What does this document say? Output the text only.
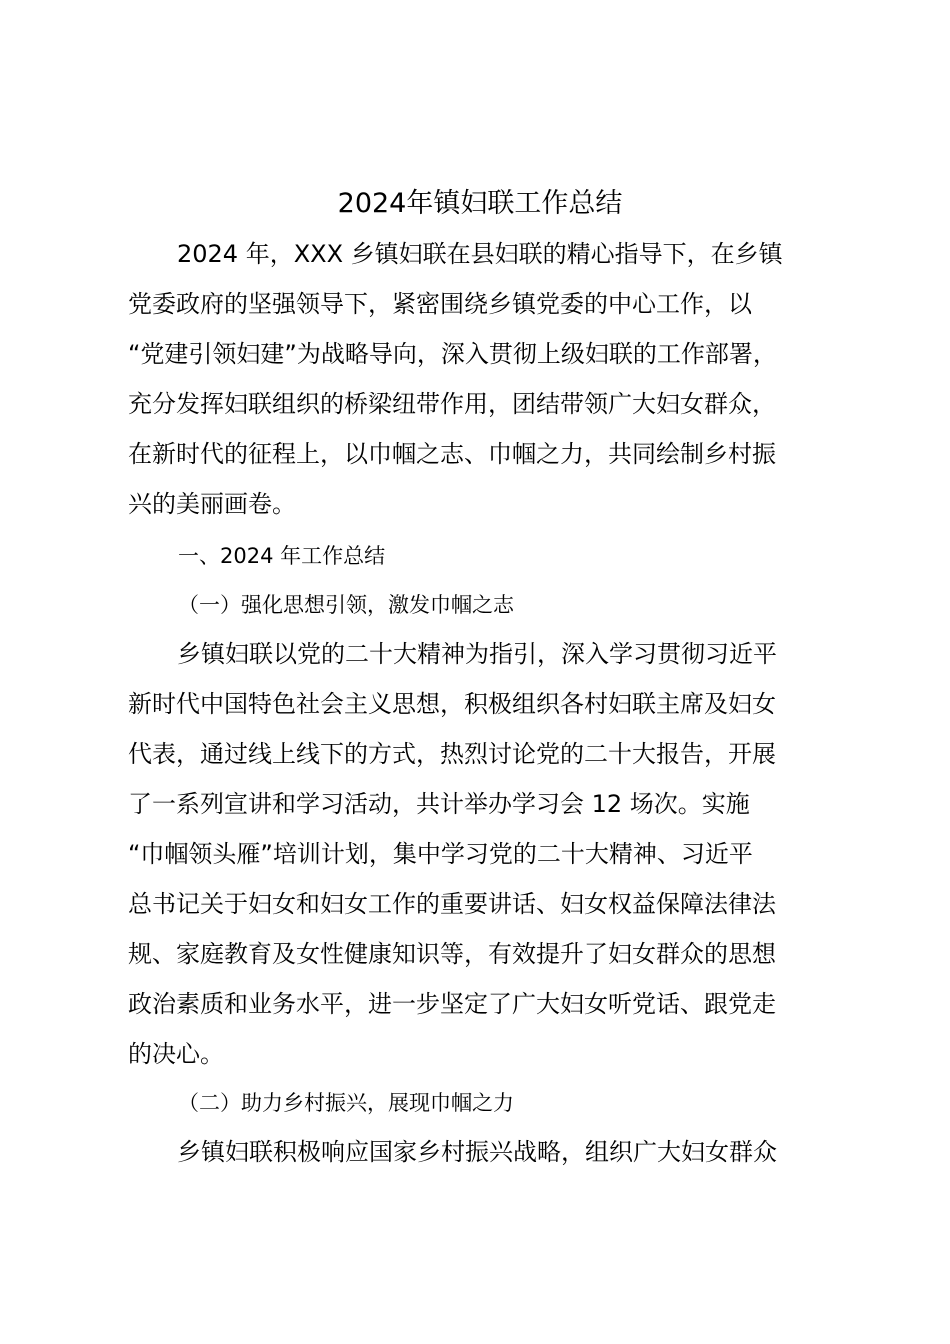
2024年镇妇联工作总结

2024 年，XXX 乡镇妇联在县妇联的精心指导下，在乡镇

党委政府的坚强领导下，紧密围绕乡镇党委的中心工作，以

“党建引领妇建”为战略导向，深入贯彻上级妇联的工作部署，

充分发挥妇联组织的桥梁纽带作用，团结带领广大妇女群众，

在新时代的征程上，以巾帼之志、巾帼之力，共同绘制乡村振

兴的美丽画卷。

一、2024 年工作总结

（一）强化思想引领，激发巾帼之志

乡镇妇联以党的二十大精神为指引，深入学习贯彻习近平

新时代中国特色社会主义思想，积极组织各村妇联主席及妇女

代表，通过线上线下的方式，热烈讨论党的二十大报告，开展

了一系列宣讲和学习活动，共计举办学习会 12 场次。实施

“巾帼领头雁”培训计划，集中学习党的二十大精神、习近平

总书记关于妇女和妇女工作的重要讲话、妇女权益保障法律法

规、家庭教育及女性健康知识等，有效提升了妇女群众的思想

政治素质和业务水平，进一步坚定了广大妇女听党话、跟党走

的决心。

（二）助力乡村振兴，展现巾帼之力

乡镇妇联积极响应国家乡村振兴战略，组织广大妇女群众
